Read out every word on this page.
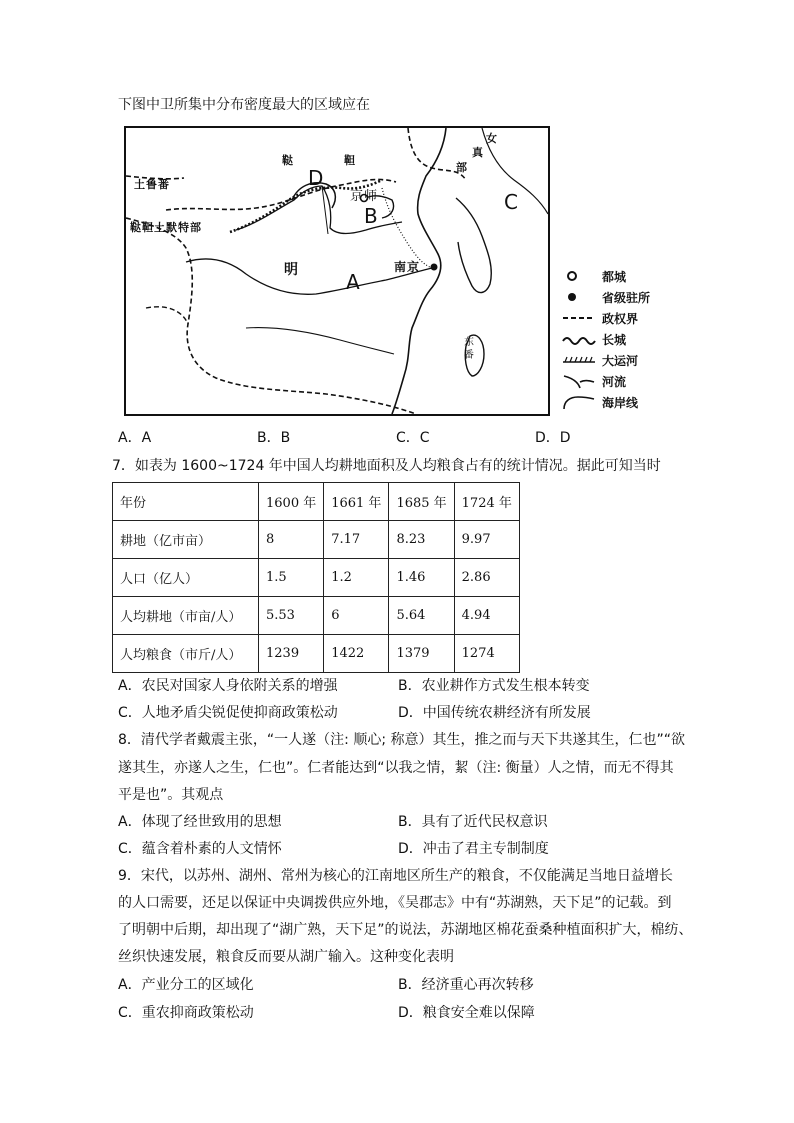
下图中卫所集中分布密度最大的区域应在
鞑	靼
女
真
部
土鲁番
鞑靼土默特部
明
京师
南京
东番
D
B
C
A	都城
省级驻所
政权界
长城
大运河
河流
海岸线
A．A	B．B	C．C	D．D
7．如表为 1600~1724 年中国人均耕地面积及人均粮食占有的统计情况。据此可知当时
年份	1600 年	1661 年	1685 年	1724 年
耕地（亿市亩）	8	7.17	8.23	9.97
人口（亿人）	1.5	1.2	1.46	2.86
人均耕地（市亩/人）	5.53	6	5.64	4.94
人均粮食（市斤/人）	1239	1422	1379	1274
A．农民对国家人身依附关系的增强	B．农业耕作方式发生根本转变
C．人地矛盾尖锐促使抑商政策松动	D．中国传统农耕经济有所发展
8．清代学者戴震主张，“一人遂（注: 顺心; 称意）其生，推之而与天下共遂其生，仁也”“欲
遂其生，亦遂人之生，仁也”。仁者能达到“以我之情，絜（注: 衡量）人之情，而无不得其
平是也”。其观点
A．体现了经世致用的思想	B．具有了近代民权意识
C．蕴含着朴素的人文情怀	D．冲击了君主专制制度
9．宋代，以苏州、湖州、常州为核心的江南地区所生产的粮食，不仅能满足当地日益增长
的人口需要，还足以保证中央调拨供应外地，《吴郡志》中有“苏湖熟，天下足”的记载。到
了明朝中后期，却出现了“湖广熟，天下足”的说法，苏湖地区棉花蚕桑种植面积扩大，棉纺、
丝织快速发展，粮食反而要从湖广输入。这种变化表明
A．产业分工的区域化	B．经济重心再次转移
C．重农抑商政策松动	D．粮食安全难以保障
